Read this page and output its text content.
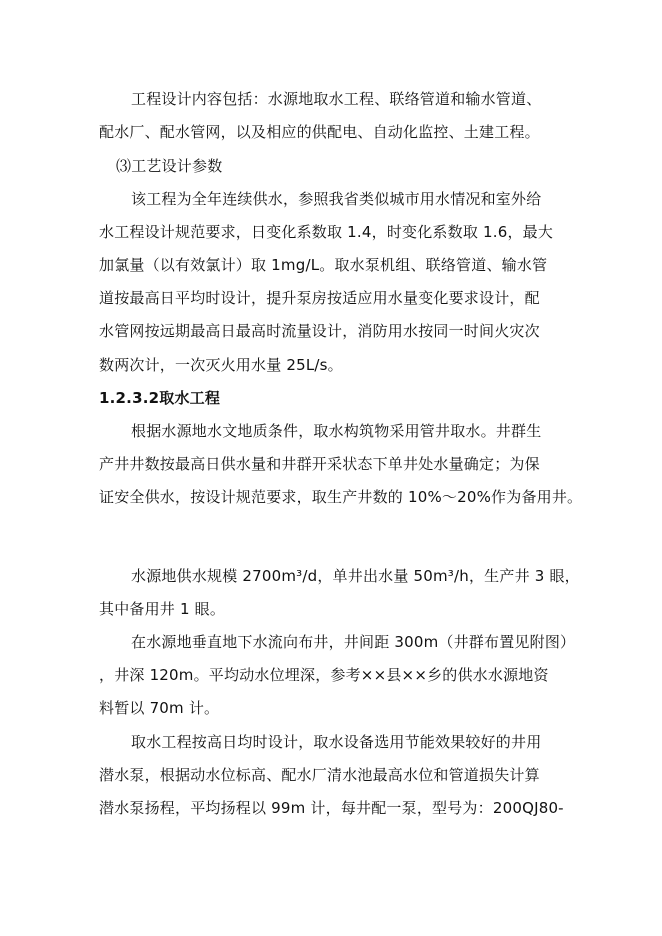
工程设计内容包括：水源地取水工程、联络管道和输水管道、
配水厂、配水管网，以及相应的供配电、自动化监控、土建工程。
⑶工艺设计参数
该工程为全年连续供水，参照我省类似城市用水情况和室外给
水工程设计规范要求，日变化系数取 1.4，时变化系数取 1.6，最大
加氯量（以有效氯计）取 1mg/L。取水泵机组、联络管道、输水管
道按最高日平均时设计，提升泵房按适应用水量变化要求设计，配
水管网按远期最高日最高时流量设计，消防用水按同一时间火灾次
数两次计，一次灭火用水量 25L/s。
1.2.3.2取水工程
根据水源地水文地质条件，取水构筑物采用管井取水。井群生
产井井数按最高日供水量和井群开采状态下单井处水量确定；为保
证安全供水，按设计规范要求，取生产井数的 10%～20%作为备用井。
水源地供水规模 2700m³/d，单井出水量 50m³/h，生产井 3 眼，
其中备用井 1 眼。
在水源地垂直地下水流向布井，井间距 300m（井群布置见附图）
，井深 120m。平均动水位埋深，参考××县××乡的供水水源地资
料暂以 70m 计。
取水工程按高日均时设计，取水设备选用节能效果较好的井用
潜水泵，根据动水位标高、配水厂清水池最高水位和管道损失计算
潜水泵扬程，平均扬程以 99m 计，每井配一泵，型号为：200QJ80-
